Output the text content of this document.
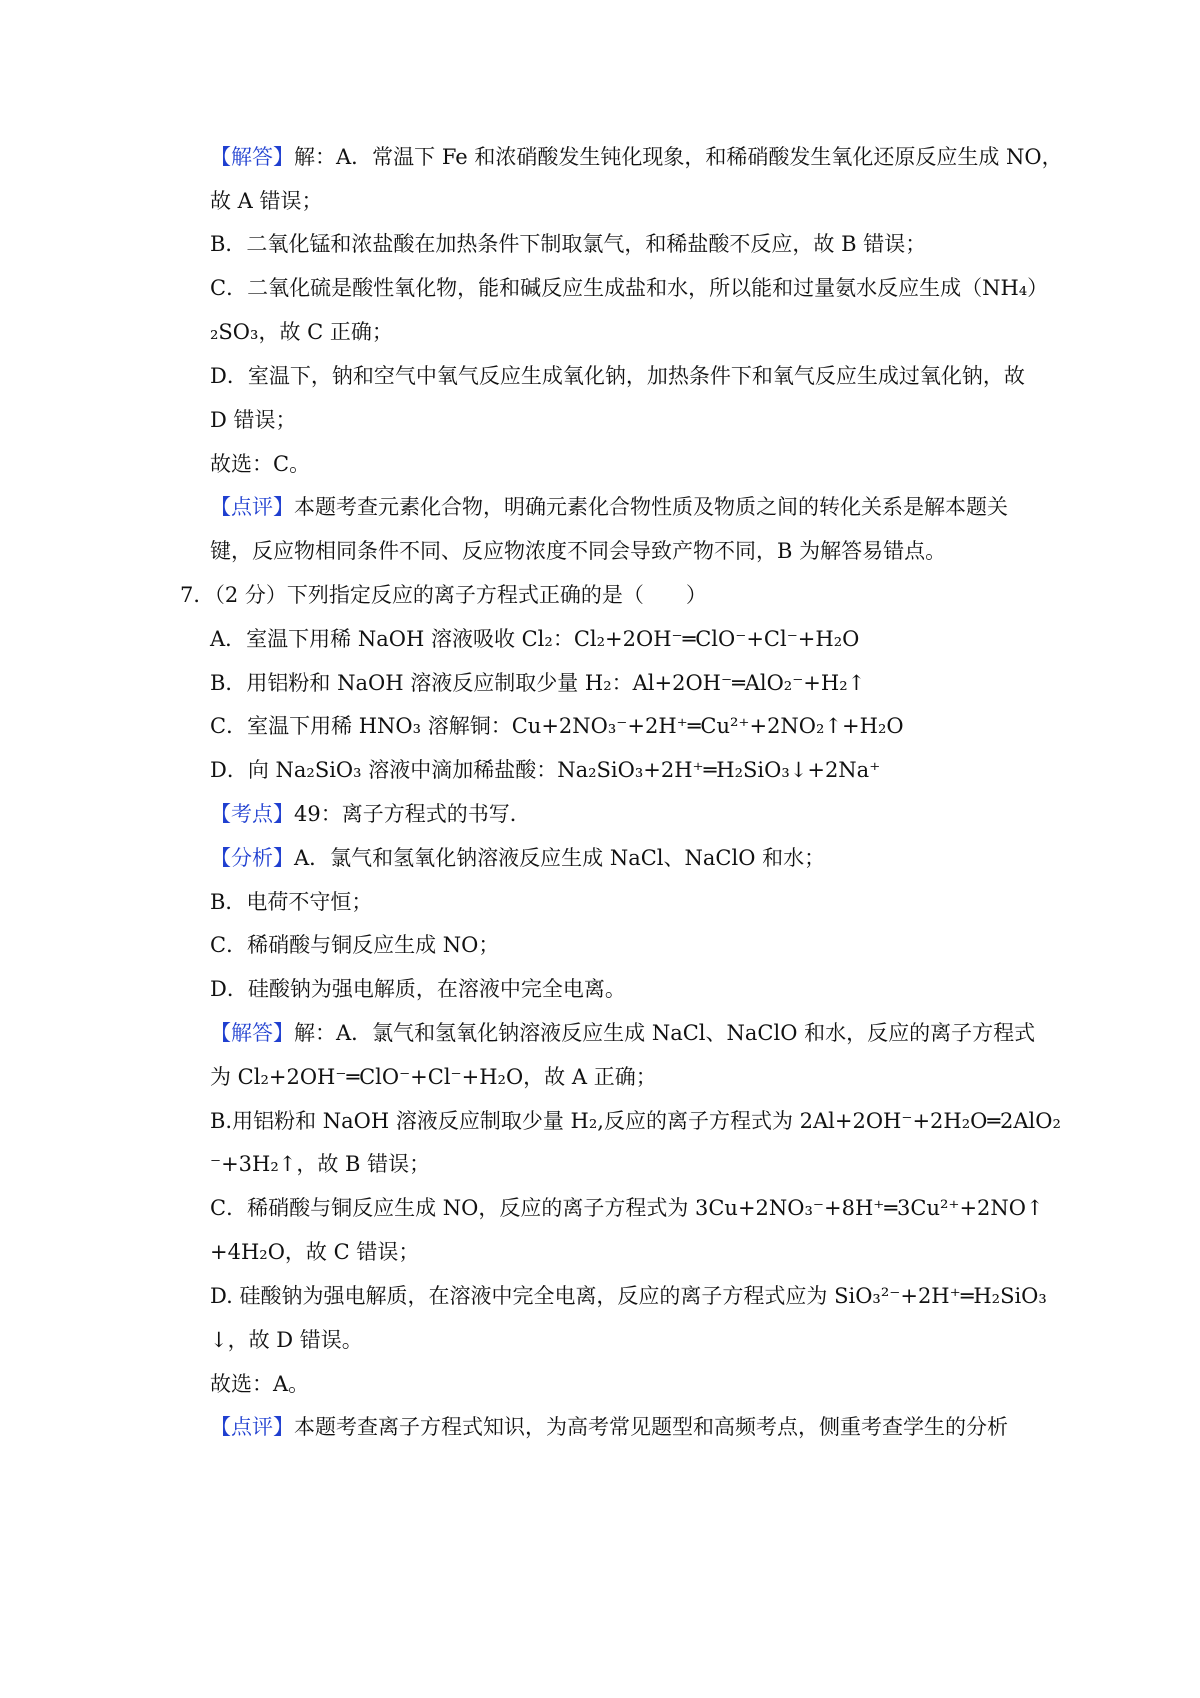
【解答】解：A．常温下 Fe 和浓硝酸发生钝化现象，和稀硝酸发生氧化还原反应生成 NO，
故 A 错误；
B．二氧化锰和浓盐酸在加热条件下制取氯气，和稀盐酸不反应，故 B 错误；
C．二氧化硫是酸性氧化物，能和碱反应生成盐和水，所以能和过量氨水反应生成（NH₄）
₂SO₃，故 C 正确；
D．室温下，钠和空气中氧气反应生成氧化钠，加热条件下和氧气反应生成过氧化钠，故
D 错误；
故选：C。
【点评】本题考查元素化合物，明确元素化合物性质及物质之间的转化关系是解本题关
键，反应物相同条件不同、反应物浓度不同会导致产物不同，B 为解答易错点。
7．（2 分）下列指定反应的离子方程式正确的是（　　）
A．室温下用稀 NaOH 溶液吸收 Cl₂：Cl₂+2OH⁻═ClO⁻+Cl⁻+H₂O
B．用铝粉和 NaOH 溶液反应制取少量 H₂：Al+2OH⁻═AlO₂⁻+H₂↑
C．室温下用稀 HNO₃ 溶解铜：Cu+2NO₃⁻+2H⁺═Cu²⁺+2NO₂↑+H₂O
D．向 Na₂SiO₃ 溶液中滴加稀盐酸：Na₂SiO₃+2H⁺═H₂SiO₃↓+2Na⁺
【考点】49：离子方程式的书写．
【分析】A．氯气和氢氧化钠溶液反应生成 NaCl、NaClO 和水；
B．电荷不守恒；
C．稀硝酸与铜反应生成 NO；
D．硅酸钠为强电解质，在溶液中完全电离。
【解答】解：A．氯气和氢氧化钠溶液反应生成 NaCl、NaClO 和水，反应的离子方程式
为 Cl₂+2OH⁻═ClO⁻+Cl⁻+H₂O，故 A 正确；
B.用铝粉和 NaOH 溶液反应制取少量 H₂,反应的离子方程式为 2Al+2OH⁻+2H₂O═2AlO₂
⁻+3H₂↑，故 B 错误；
C．稀硝酸与铜反应生成 NO，反应的离子方程式为 3Cu+2NO₃⁻+8H⁺═3Cu²⁺+2NO↑
+4H₂O，故 C 错误；
D. 硅酸钠为强电解质，在溶液中完全电离，反应的离子方程式应为 SiO₃²⁻+2H⁺═H₂SiO₃
↓，故 D 错误。
故选：A。
【点评】本题考查离子方程式知识，为高考常见题型和高频考点，侧重考查学生的分析
